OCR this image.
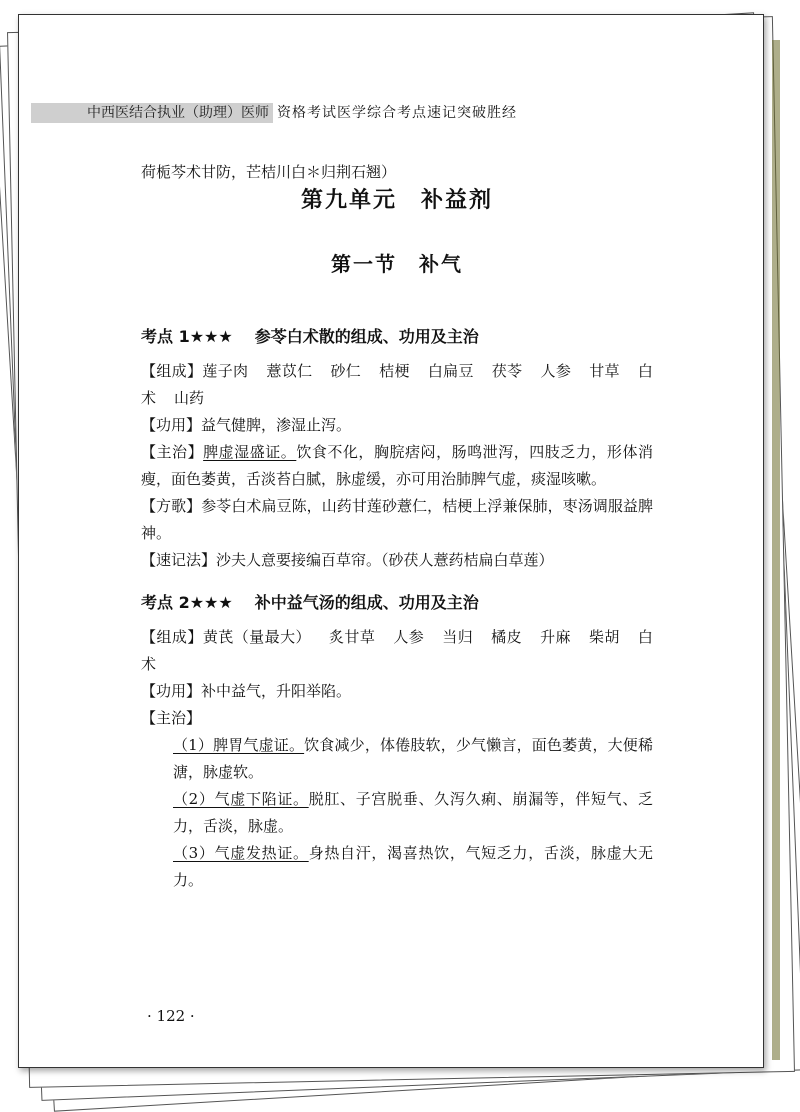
中西医结合执业（助理）医师 资格考试医学综合考点速记突破胜经

荷栀芩术甘防，芒桔川白＊归荆石翘）

第九单元　补益剂
第一节　补气
考点 1★★★ 参苓白术散的组成、功用及主治

【组成】莲子肉 薏苡仁 砂仁 桔梗 白扁豆 茯苓 人参 甘草 白术 山药

【功用】益气健脾，渗湿止泻。

【主治】脾虚湿盛证。饮食不化，胸脘痞闷，肠鸣泄泻，四肢乏力，形体消瘦，面色萎黄，舌淡苔白腻，脉虚缓，亦可用治肺脾气虚，痰湿咳嗽。

【方歌】参苓白术扁豆陈，山药甘莲砂薏仁，桔梗上浮兼保肺，枣汤调服益脾神。

【速记法】沙夫人意要接编百草帘。（砂茯人薏药桔扁白草莲）

考点 2★★★ 补中益气汤的组成、功用及主治

【组成】黄芪（量最大） 炙甘草 人参 当归 橘皮 升麻 柴胡 白术

【功用】补中益气，升阳举陷。

【主治】

（1）脾胃气虚证。饮食减少，体倦肢软，少气懒言，面色萎黄，大便稀溏，脉虚软。

（2）气虚下陷证。脱肛、子宫脱垂、久泻久痢、崩漏等，伴短气、乏力，舌淡，脉虚。

（3）气虚发热证。身热自汗，渴喜热饮，气短乏力，舌淡，脉虚大无力。

· 122 ·
